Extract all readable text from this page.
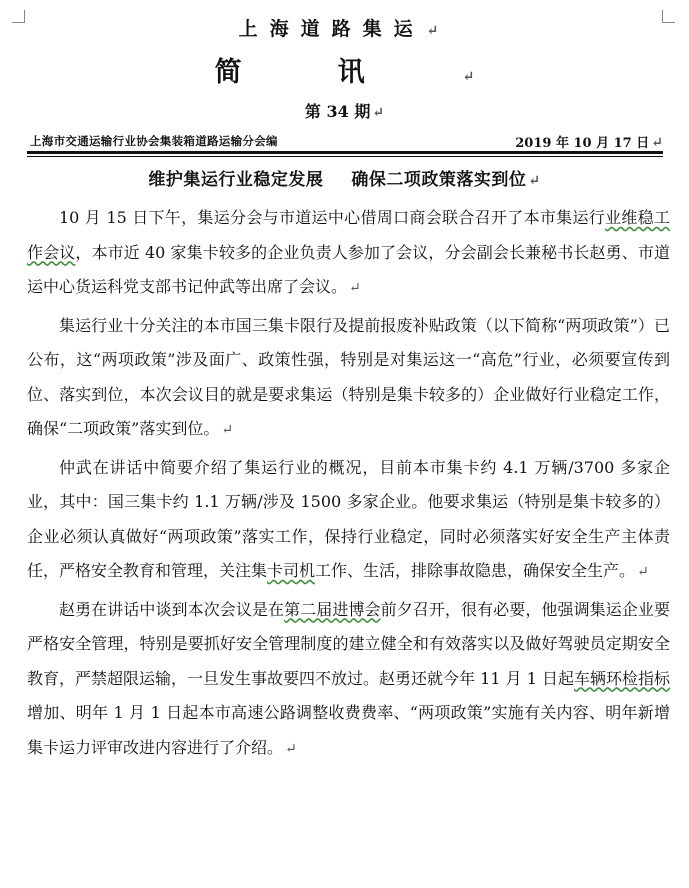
上海道路集运 ↵
简讯 ↵
第 34 期 ↵
上海市交通运输行业协会集装箱道路运输分会编	2019 年 10 月 17 日 ↵
维护集运行业稳定发展 确保二项政策落实到位 ↵

10 月 15 日下午，集运分会与市道运中心借周口商会联合召开了本市集运行业维稳工作会议，本市近 40 家集卡较多的企业负责人参加了会议，分会副会长兼秘书长赵勇、市道运中心货运科党支部书记仲武等出席了会议。 ↵

集运行业十分关注的本市国三集卡限行及提前报废补贴政策（以下简称“两项政策”）已公布，这“两项政策”涉及面广、政策性强，特别是对集运这一“高危”行业，必须要宣传到位、落实到位，本次会议目的就是要求集运（特别是集卡较多的）企业做好行业稳定工作，确保“二项政策”落实到位。 ↵

仲武在讲话中简要介绍了集运行业的概况，目前本市集卡约 4.1 万辆/3700 多家企业，其中：国三集卡约 1.1 万辆/涉及 1500 多家企业。他要求集运（特别是集卡较多的）企业必须认真做好“两项政策”落实工作，保持行业稳定，同时必须落实好安全生产主体责任，严格安全教育和管理，关注集卡司机工作、生活，排除事故隐患，确保安全生产。 ↵

赵勇在讲话中谈到本次会议是在第二届进博会前夕召开，很有必要，他强调集运企业要严格安全管理，特别是要抓好安全管理制度的建立健全和有效落实以及做好驾驶员定期安全教育，严禁超限运输，一旦发生事故要四不放过。赵勇还就今年 11 月 1 日起车辆环检指标增加、明年 1 月 1 日起本市高速公路调整收费费率、“两项政策”实施有关内容、明年新增集卡运力评审改进内容进行了介绍。 ↵
